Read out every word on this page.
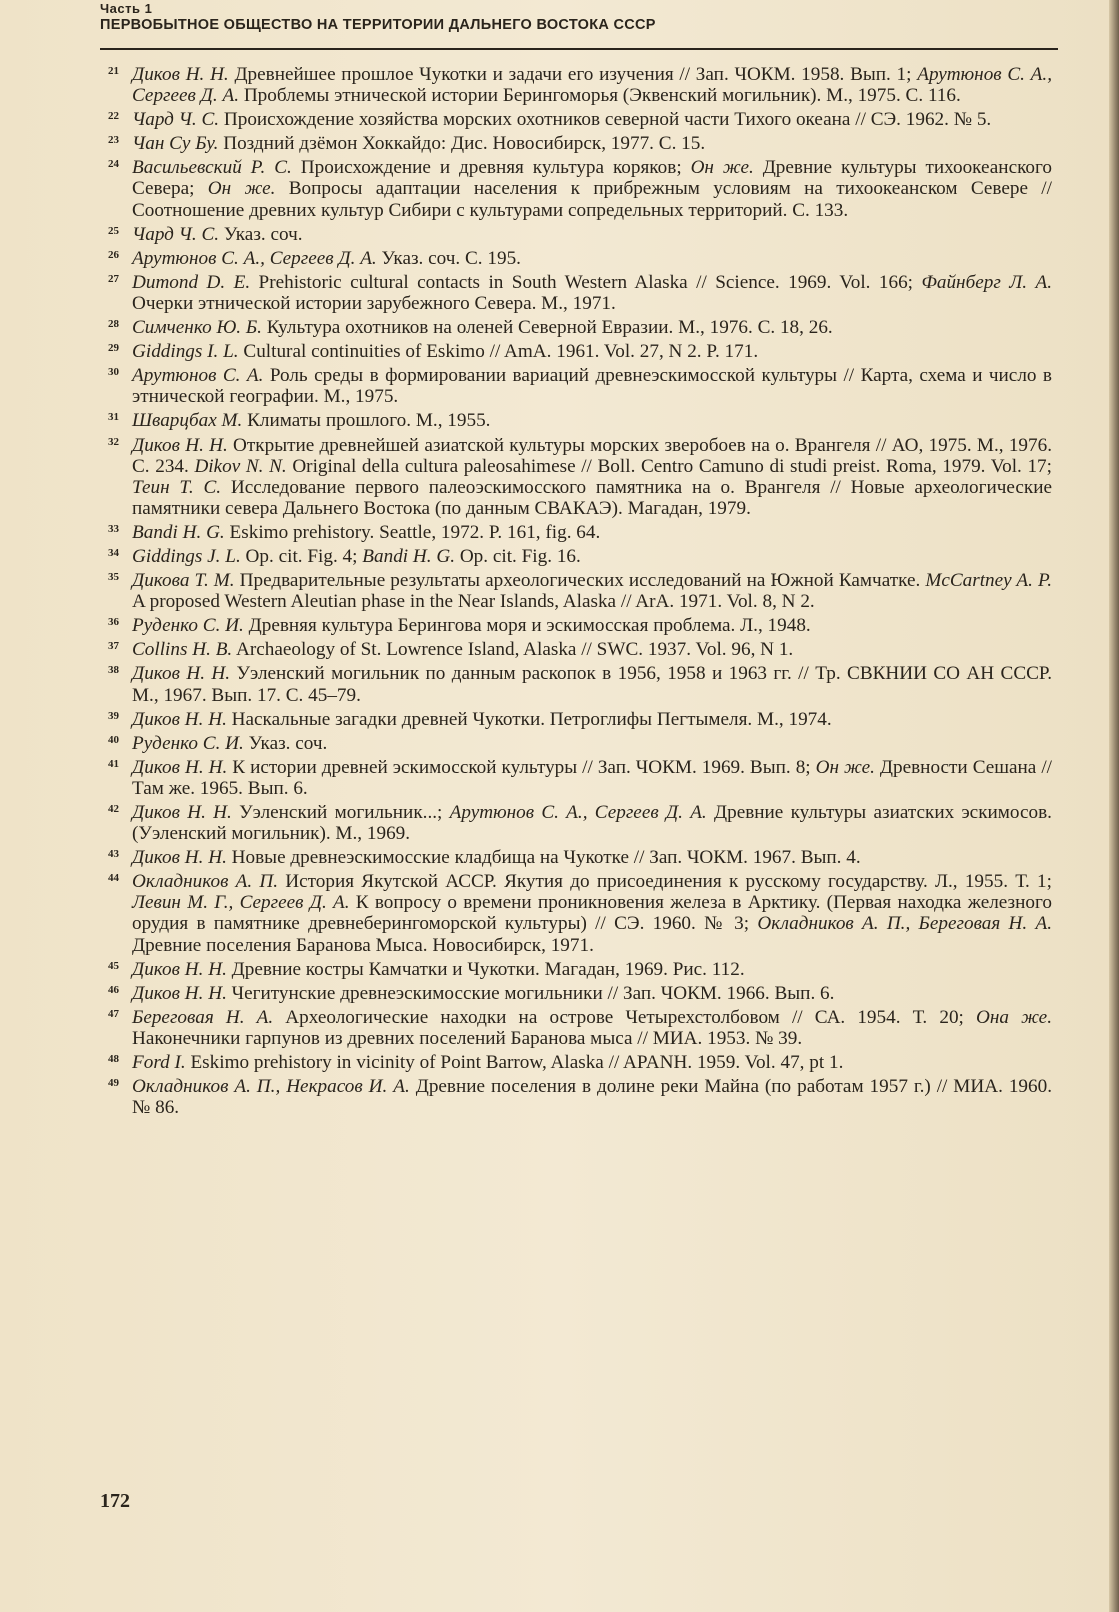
Часть 1
ПЕРВОБЫТНОЕ ОБЩЕСТВО НА ТЕРРИТОРИИ ДАЛЬНЕГО ВОСТОКА СССР
21 Диков Н. Н. Древнейшее прошлое Чукотки и задачи его изучения // Зап. ЧОКМ. 1958. Вып. 1; Арутюнов С. А., Сергеев Д. А. Проблемы этнической истории Берингоморья (Эквенский могильник). М., 1975. С. 116.
22 Чард Ч. С. Происхождение хозяйства морских охотников северной части Тихого океана // СЭ. 1962. № 5.
23 Чан Су Бу. Поздний дзёмон Хоккайдо: Дис. Новосибирск, 1977. С. 15.
24 Васильевский Р. С. Происхождение и древняя культура коряков; Он же. Древние культуры тихоокеанского Севера; Он же. Вопросы адаптации населения к прибрежным условиям на тихоокеанском Севере // Соотношение древних культур Сибири с культурами сопредельных территорий. С. 133.
25 Чард Ч. С. Указ. соч.
26 Арутюнов С. А., Сергеев Д. А. Указ. соч. С. 195.
27 Dumond D. E. Prehistoric cultural contacts in South Western Alaska // Science. 1969. Vol. 166; Файнберг Л. А. Очерки этнической истории зарубежного Севера. М., 1971.
28 Симченко Ю. Б. Культура охотников на оленей Северной Евразии. М., 1976. С. 18, 26.
29 Giddings I. L. Cultural continuities of Eskimo // AmA. 1961. Vol. 27, N 2. P. 171.
30 Арутюнов С. А. Роль среды в формировании вариаций древнеэскимосской культуры // Карта, схема и число в этнической географии. М., 1975.
31 Шварцбах М. Климаты прошлого. М., 1955.
32 Диков Н. Н. Открытие древнейшей азиатской культуры морских зверобоев на о. Врангеля // АО, 1975. М., 1976. С. 234. Dikov N. N. Original della cultura paleosahimese // Boll. Centro Camuno di studi preist. Roma, 1979. Vol. 17; Теин Т. С. Исследование первого палеоэскимосского памятника на о. Врангеля // Новые археологические памятники севера Дальнего Востока (по данным СВАКАЭ). Магадан, 1979.
33 Bandi H. G. Eskimo prehistory. Seattle, 1972. P. 161, fig. 64.
34 Giddings J. L. Op. cit. Fig. 4; Bandi H. G. Op. cit. Fig. 16.
35 Дикова Т. М. Предварительные результаты археологических исследований на Южной Камчатке. McCartney A. P. A proposed Western Aleutian phase in the Near Islands, Alaska // ArA. 1971. Vol. 8, N 2.
36 Руденко С. И. Древняя культура Берингова моря и эскимосская проблема. Л., 1948.
37 Collins H. B. Archaeology of St. Lowrence Island, Alaska // SWC. 1937. Vol. 96, N 1.
38 Диков Н. Н. Уэленский могильник по данным раскопок в 1956, 1958 и 1963 гг. // Тр. СВКНИИ СО АН СССР. М., 1967. Вып. 17. С. 45–79.
39 Диков Н. Н. Наскальные загадки древней Чукотки. Петроглифы Пегтымеля. М., 1974.
40 Руденко С. И. Указ. соч.
41 Диков Н. Н. К истории древней эскимосской культуры // Зап. ЧОКМ. 1969. Вып. 8; Он же. Древности Сешана // Там же. 1965. Вып. 6.
42 Диков Н. Н. Уэленский могильник...; Арутюнов С. А., Сергеев Д. А. Древние культуры азиатских эскимосов. (Уэленский могильник). М., 1969.
43 Диков Н. Н. Новые древнеэскимосские кладбища на Чукотке // Зап. ЧОКМ. 1967. Вып. 4.
44 Окладников А. П. История Якутской АССР. Якутия до присоединения к русскому государству. Л., 1955. Т. 1; Левин М. Г., Сергеев Д. А. К вопросу о времени проникновения железа в Арктику. (Первая находка железного орудия в памятнике древнеберингоморской культуры) // СЭ. 1960. № 3; Окладников А. П., Береговая Н. А. Древние поселения Баранова Мыса. Новосибирск, 1971.
45 Диков Н. Н. Древние костры Камчатки и Чукотки. Магадан, 1969. Рис. 112.
46 Диков Н. Н. Чегитунские древнеэскимосские могильники // Зап. ЧОКМ. 1966. Вып. 6.
47 Береговая Н. А. Археологические находки на острове Четырехстолбовом // СА. 1954. Т. 20; Она же. Наконечники гарпунов из древних поселений Баранова мыса // МИА. 1953. № 39.
48 Ford I. Eskimo prehistory in vicinity of Point Barrow, Alaska // APANH. 1959. Vol. 47, pt 1.
49 Окладников А. П., Некрасов И. А. Древние поселения в долине реки Майна (по работам 1957 г.) // МИА. 1960. № 86.
172
